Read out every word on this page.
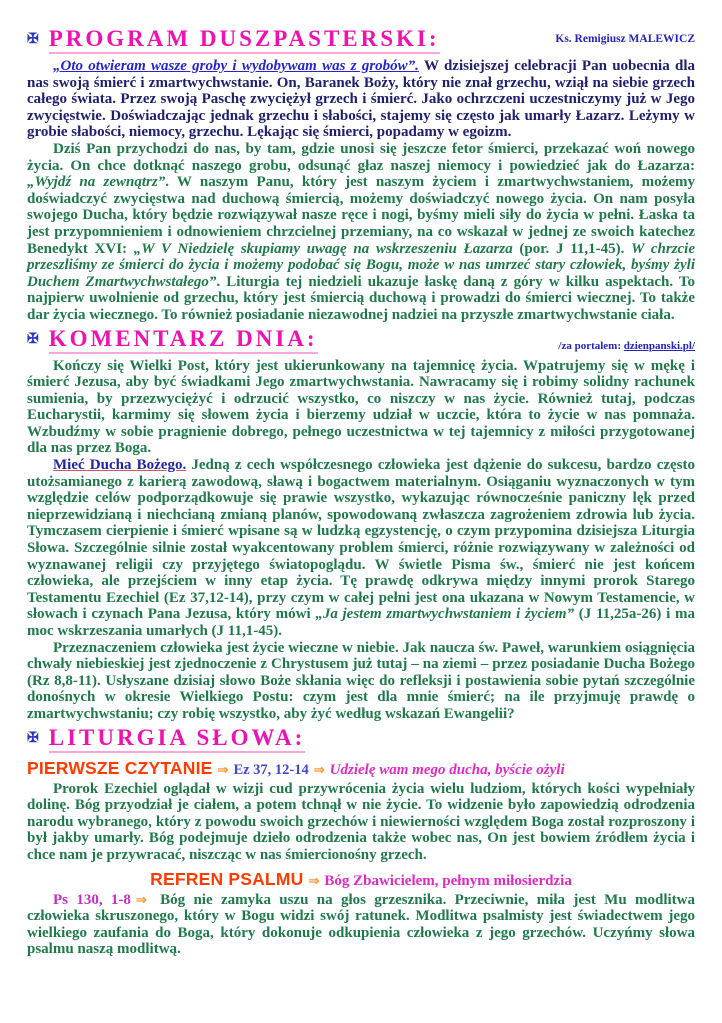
✠ PROGRAM DUSZPASTERSKI:	Ks. Remigiusz MALEWICZ

„Oto otwieram wasze groby i wydobywam was z grobów”. W dzisiejszej celebracji Pan uobecnia dla nas swoją śmierć i zmartwychwstanie. On, Baranek Boży, który nie znał grzechu, wziął na siebie grzech całego świata. Przez swoją Paschę zwyciężył grzech i śmierć. Jako ochrzczeni uczestniczymy już w Jego zwycięstwie. Doświadczając jednak grzechu i słabości, stajemy się często jak umarły Łazarz. Leżymy w grobie słabości, niemocy, grzechu. Lękając się śmierci, popadamy w egoizm.

Dziś Pan przychodzi do nas, by tam, gdzie unosi się jeszcze fetor śmierci, przekazać woń nowego życia. On chce dotknąć naszego grobu, odsunąć głaz naszej niemocy i powiedzieć jak do Łazarza: „Wyjdź na zewnątrz”. W naszym Panu, który jest naszym życiem i zmartwychwstaniem, możemy doświadczyć zwycięstwa nad duchową śmiercią, możemy doświadczyć nowego życia. On nam posyła swojego Ducha, który będzie rozwiązywał nasze ręce i nogi, byśmy mieli siły do życia w pełni. Łaska ta jest przypomnieniem i odnowieniem chrzcielnej przemiany, na co wskazał w jednej ze swoich katechez Benedykt XVI: „W V Niedzielę skupiamy uwagę na wskrzeszeniu Łazarza (por. J 11,1-45). W chrzcie przeszliśmy ze śmierci do życia i możemy podobać się Bogu, może w nas umrzeć stary człowiek, byśmy żyli Duchem Zmartwychwstałego”. Liturgia tej niedzieli ukazuje łaskę daną z góry w kilku aspektach. To najpierw uwolnienie od grzechu, który jest śmiercią duchową i prowadzi do śmierci wiecznej. To także dar życia wiecznego. To również posiadanie niezawodnej nadziei na przyszłe zmartwychwstanie ciała.

✠ KOMENTARZ DNIA:	/za portalem: dzienpanski.pl/

Kończy się Wielki Post, który jest ukierunkowany na tajemnicę życia. Wpatrujemy się w mękę i śmierć Jezusa, aby być świadkami Jego zmartwychwstania. Nawracamy się i robimy solidny rachunek sumienia, by przezwyciężyć i odrzucić wszystko, co niszczy w nas życie. Również tutaj, podczas Eucharystii, karmimy się słowem życia i bierzemy udział w uczcie, która to życie w nas pomnaża. Wzbudźmy w sobie pragnienie dobrego, pełnego uczestnictwa w tej tajemnicy z miłości przygotowanej dla nas przez Boga.

Mieć Ducha Bożego. Jedną z cech współczesnego człowieka jest dążenie do sukcesu, bardzo często utożsamianego z karierą zawodową, sławą i bogactwem materialnym. Osiąganiu wyznaczonych w tym względzie celów podporządkowuje się prawie wszystko, wykazując równocześnie paniczny lęk przed nieprzewidzianą i niechcianą zmianą planów, spowodowaną zwłaszcza zagrożeniem zdrowia lub życia. Tymczasem cierpienie i śmierć wpisane są w ludzką egzystencję, o czym przypomina dzisiejsza Liturgia Słowa. Szczególnie silnie został wyakcentowany problem śmierci, różnie rozwiązywany w zależności od wyznawanej religii czy przyjętego światopoglądu. W świetle Pisma św., śmierć nie jest końcem człowieka, ale przejściem w inny etap życia. Tę prawdę odkrywa między innymi prorok Starego Testamentu Ezechiel (Ez 37,12-14), przy czym w całej pełni jest ona ukazana w Nowym Testamencie, w słowach i czynach Pana Jezusa, który mówi „Ja jestem zmartwychwstaniem i życiem” (J 11,25a-26) i ma moc wskrzeszania umarłych (J 11,1-45).

Przeznaczeniem człowieka jest życie wieczne w niebie. Jak naucza św. Paweł, warunkiem osiągnięcia chwały niebieskiej jest zjednoczenie z Chrystusem już tutaj – na ziemi – przez posiadanie Ducha Bożego (Rz 8,8-11). Usłyszane dzisiaj słowo Boże skłania więc do refleksji i postawienia sobie pytań szczególnie donośnych w okresie Wielkiego Postu: czym jest dla mnie śmierć; na ile przyjmuję prawdę o zmartwychwstaniu; czy robię wszystko, aby żyć według wskazań Ewangelii?

✠ LITURGIA SŁOWA:
PIERWSZE CZYTANIE ⇒ Ez 37, 12-14 ⇒ Udzielę wam mego ducha, byście ożyli

Prorok Ezechiel oglądał w wizji cud przywrócenia życia wielu ludziom, których kości wypełniały dolinę. Bóg przyodział je ciałem, a potem tchnął w nie życie. To widzenie było zapowiedzią odrodzenia narodu wybranego, który z powodu swoich grzechów i niewierności względem Boga został rozproszony i był jakby umarły. Bóg podejmuje dzieło odrodzenia także wobec nas, On jest bowiem źródłem życia i chce nam je przywracać, niszcząc w nas śmiercionośny grzech.

REFREN PSALMU ⇒ Bóg Zbawicielem, pełnym miłosierdzia

Ps 130, 1-8 ⇒ Bóg nie zamyka uszu na głos grzesznika. Przeciwnie, miła jest Mu modlitwa człowieka skruszonego, który w Bogu widzi swój ratunek. Modlitwa psalmisty jest świadectwem jego wielkiego zaufania do Boga, który dokonuje odkupienia człowieka z jego grzechów. Uczyńmy słowa psalmu naszą modlitwą.
